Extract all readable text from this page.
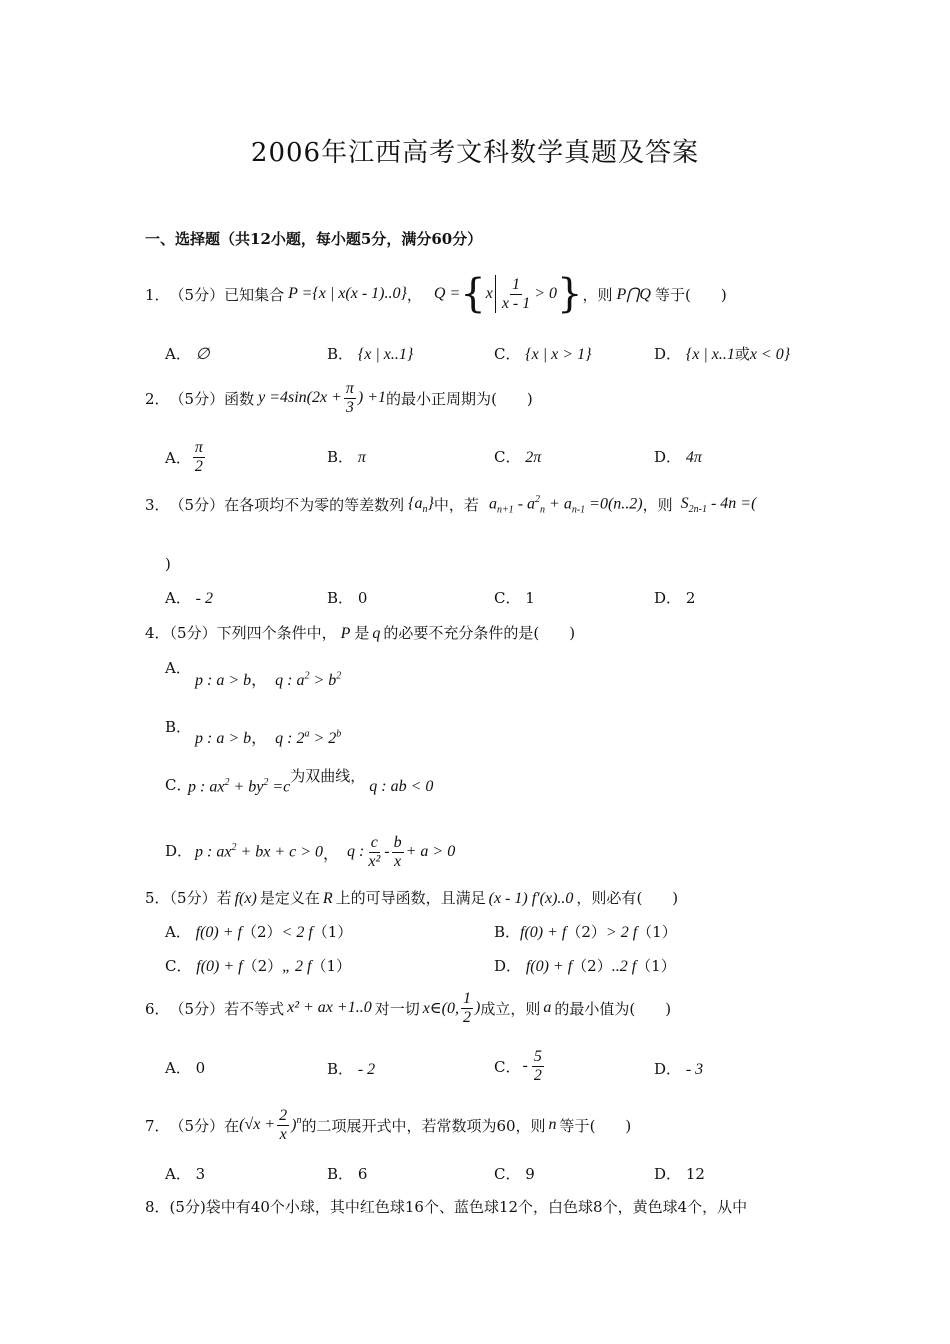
2006年江西高考文科数学真题及答案
一、选择题（共12小题，每小题5分，满分60分）
1． （5分） 已知集合 P ={x | x(x - 1)..0} ， Q = { x $\frac{1}{x - 1} > 0$ } ，则 P⋂Q 等于 (　　)
A． ∅	B． {x | x..1}	C． {x | x > 1}	D． {x | x..1或x < 0}
2． （5分） 函数 $y =4\sin(2x + \frac{\pi}{3}$ ) +1 的最小正周期为 (　　)
A． $\frac{\pi}{2}$	B． π	C． 2π	D． 4π
3． （5分） 在各项均不为零的等差数列 $\{a_n\}$ 中，若 $a_{n+1} - a^2_n + a_{n-1} =0(n..2)$ ，则 $S_{2n-1} - 4n$ =(
)
A． - 2	B． 0	C． 1	D． 2
4．（5分）下列四个条件中， P 是 q 的必要不充分条件的是(　　)
A．
p : a > b， q : $a^2 > b^2$
B．
p : a > b， q : $2^a > 2^b$
C．
p : $ax^2 + by^2 =c$
为双曲线，
q : ab < 0
D． p : $ax^2$ + bx + c > 0 ， q : $\frac{c}{\text{x²}} - \frac{b}{x} + a > 0$
5．（5分）若 f(x) 是定义在 R 上的可导函数，且满足 (x - 1) f′(x)..0 ，则必有(　　)
A． f(0) + f（2）< 2 f（1）	B．f(0) + f（2）> 2 f（1）
C． f(0) + f（2）„ 2 f（1）	D． f(0) + f（2）..2 f（1）
6． （5分） 若不等式 x² + ax +1..0 对一切 x∈(0, $\frac{1}{2}$ ) 成立，则 a 的最小值为 (　　)
A． 0	B． - 2	C． - $\frac{5}{2}$	D． - 3
7． （5分） 在 $(√x + \frac{2}{x} )^n$ 的二项展开式中，若常数项为60，则 n 等于 (　　)
A． 3	B． 6	C． 9	D． 12
8．(5分)袋中有40个小球，其中红色球16个、蓝色球12个，白色球8个，黄色球4个，从中
